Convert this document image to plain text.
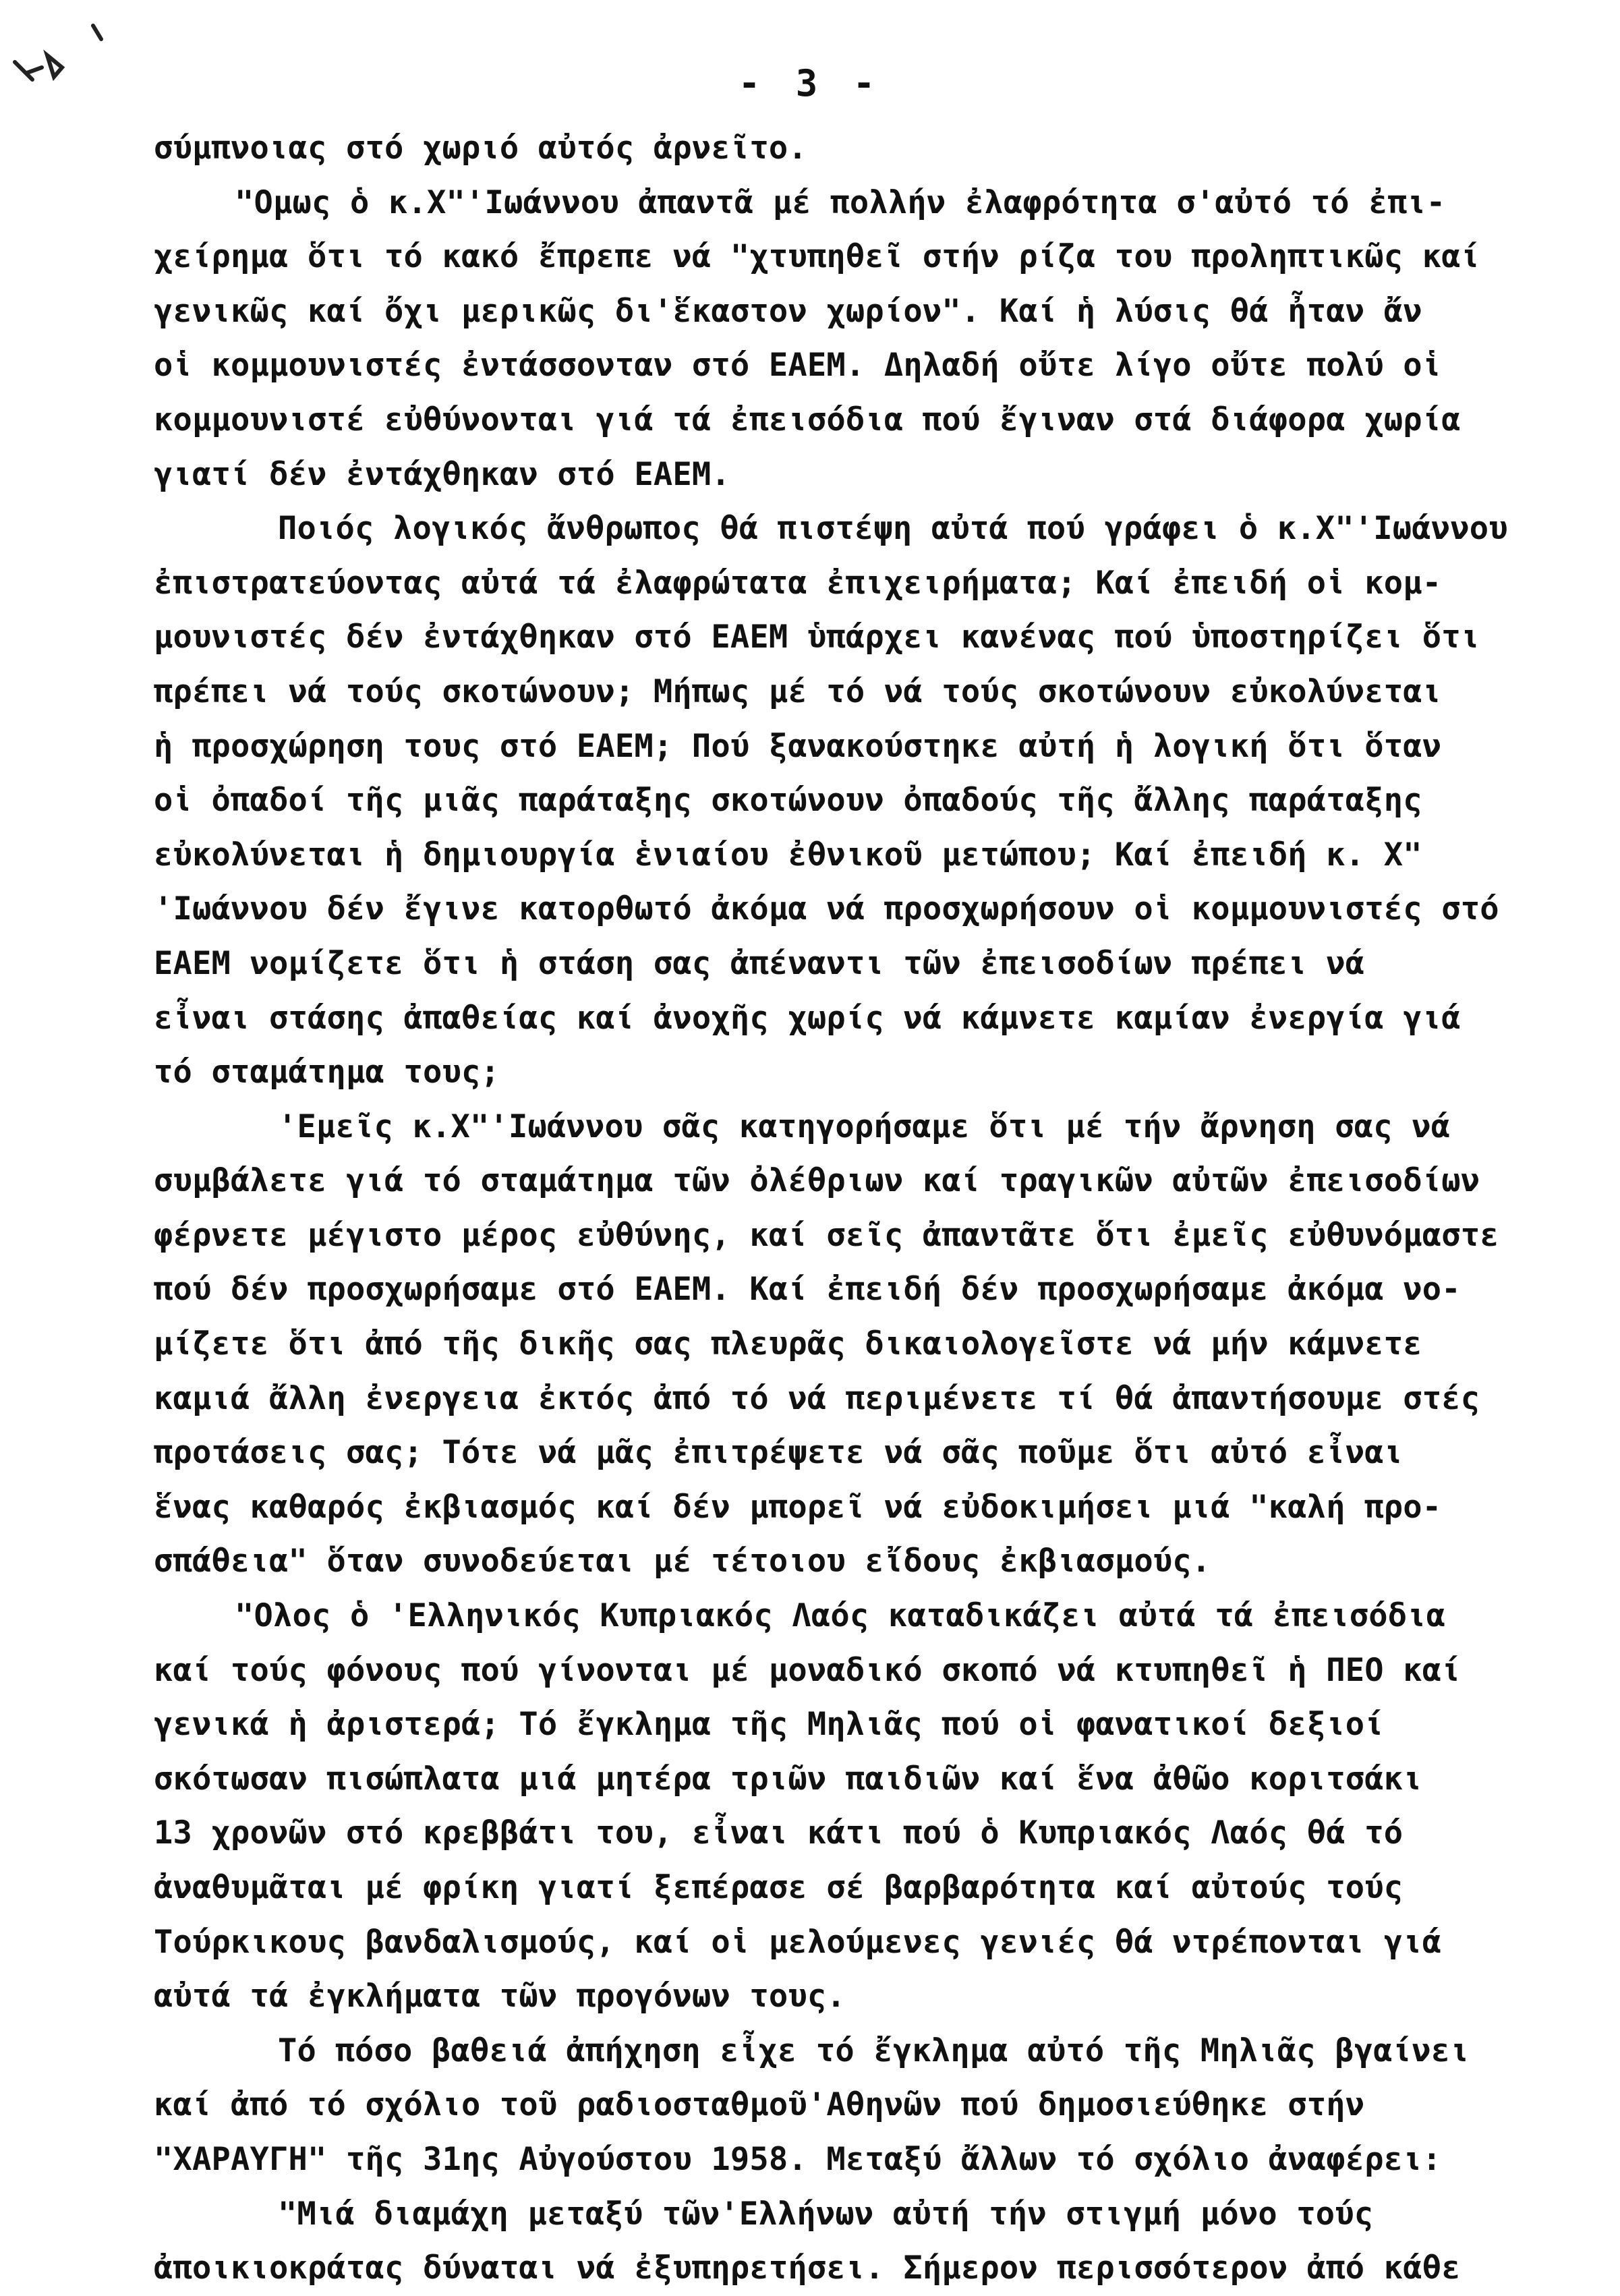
- 3 -
σύμπνοιας στό χωριό αὐτός ἀρνεῖτο.
"Ομως ὁ κ.Χ"'Ιωάννου ἀπαντᾶ μέ πολλήν ἐλαφρότητα σ'αὐτό τό ἐπι-
χείρημα ὅτι τό κακό ἔπρεπε νά "χτυπηθεῖ στήν ρίζα του προληπτικῶς καί
γενικῶς καί ὄχι μερικῶς δι'ἕκαστον χωρίον". Καί ἡ λύσις θά ἦταν ἄν
οἱ κομμουνιστές ἐντάσσονταν στό ΕΑΕΜ. Δηλαδή οὔτε λίγο οὔτε πολύ οἱ
κομμουνιστέ εὐθύνονται γιά τά ἐπεισόδια πού ἔγιναν στά διάφορα χωρία
γιατί δέν ἐντάχθηκαν στό ΕΑΕΜ.
Ποιός λογικός ἄνθρωπος θά πιστέψη αὐτά πού γράφει ὁ κ.Χ"'Ιωάννου
ἐπιστρατεύοντας αὐτά τά ἐλαφρώτατα ἐπιχειρήματα; Καί ἐπειδή οἱ κομ-
μουνιστές δέν ἐντάχθηκαν στό ΕΑΕΜ ὑπάρχει κανένας πού ὑποστηρίζει ὅτι
πρέπει νά τούς σκοτώνουν; Μήπως μέ τό νά τούς σκοτώνουν εὐκολύνεται
ἡ προσχώρηση τους στό ΕΑΕΜ; Πού ξανακούστηκε αὐτή ἡ λογική ὅτι ὅταν
οἱ ὀπαδοί τῆς μιᾶς παράταξης σκοτώνουν ὀπαδούς τῆς ἄλλης παράταξης
εὐκολύνεται ἡ δημιουργία ἑνιαίου ἐθνικοῦ μετώπου; Καί ἐπειδή κ. Χ"
'Ιωάννου δέν ἔγινε κατορθωτό ἀκόμα νά προσχωρήσουν οἱ κομμουνιστές στό
ΕΑΕΜ νομίζετε ὅτι ἡ στάση σας ἀπέναντι τῶν ἐπεισοδίων πρέπει νά
εἶναι στάσης ἀπαθείας καί ἀνοχῆς χωρίς νά κάμνετε καμίαν ἐνεργία γιά
τό σταμάτημα τους;
'Εμεῖς κ.Χ"'Ιωάννου σᾶς κατηγορήσαμε ὅτι μέ τήν ἄρνηση σας νά
συμβάλετε γιά τό σταμάτημα τῶν ὀλέθριων καί τραγικῶν αὐτῶν ἐπεισοδίων
φέρνετε μέγιστο μέρος εὐθύνης, καί σεῖς ἀπαντᾶτε ὅτι ἐμεῖς εὐθυνόμαστε
πού δέν προσχωρήσαμε στό ΕΑΕΜ. Καί ἐπειδή δέν προσχωρήσαμε ἀκόμα νο-
μίζετε ὅτι ἀπό τῆς δικῆς σας πλευρᾶς δικαιολογεῖστε νά μήν κάμνετε
καμιά ἄλλη ἐνεργεια ἐκτός ἀπό τό νά περιμένετε τί θά ἀπαντήσουμε στές
προτάσεις σας; Τότε νά μᾶς ἐπιτρέψετε νά σᾶς ποῦμε ὅτι αὐτό εἶναι
ἕνας καθαρός ἐκβιασμός καί δέν μπορεῖ νά εὐδοκιμήσει μιά "καλή προ-
σπάθεια" ὅταν συνοδεύεται μέ τέτοιου εἴδους ἐκβιασμούς.
"Ολος ὁ 'Ελληνικός Κυπριακός Λαός καταδικάζει αὐτά τά ἐπεισόδια
καί τούς φόνους πού γίνονται μέ μοναδικό σκοπό νά κτυπηθεῖ ἡ ΠΕΟ καί
γενικά ἡ ἀριστερά; Τό ἔγκλημα τῆς Μηλιᾶς πού οἱ φανατικοί δεξιοί
σκότωσαν πισώπλατα μιά μητέρα τριῶν παιδιῶν καί ἕνα ἀθῶο κοριτσάκι
13 χρονῶν στό κρεββάτι του, εἶναι κάτι πού ὁ Κυπριακός Λαός θά τό
ἀναθυμᾶται μέ φρίκη γιατί ξεπέρασε σέ βαρβαρότητα καί αὐτούς τούς
Τούρκικους βανδαλισμούς, καί οἱ μελούμενες γενιές θά ντρέπονται γιά
αὐτά τά ἐγκλήματα τῶν προγόνων τους.
Τό πόσο βαθειά ἀπήχηση εἶχε τό ἔγκλημα αὐτό τῆς Μηλιᾶς βγαίνει
καί ἀπό τό σχόλιο τοῦ ραδιοσταθμοῦ'Αθηνῶν πού δημοσιεύθηκε στήν
"ΧΑΡΑΥΓΗ" τῆς 31ης Αὐγούστου 1958. Μεταξύ ἄλλων τό σχόλιο ἀναφέρει:
"Μιά διαμάχη μεταξύ τῶν'Ελλήνων αὐτή τήν στιγμή μόνο τούς
ἀποικιοκράτας δύναται νά ἐξυπηρετήσει. Σήμερον περισσότερον ἀπό κάθε
